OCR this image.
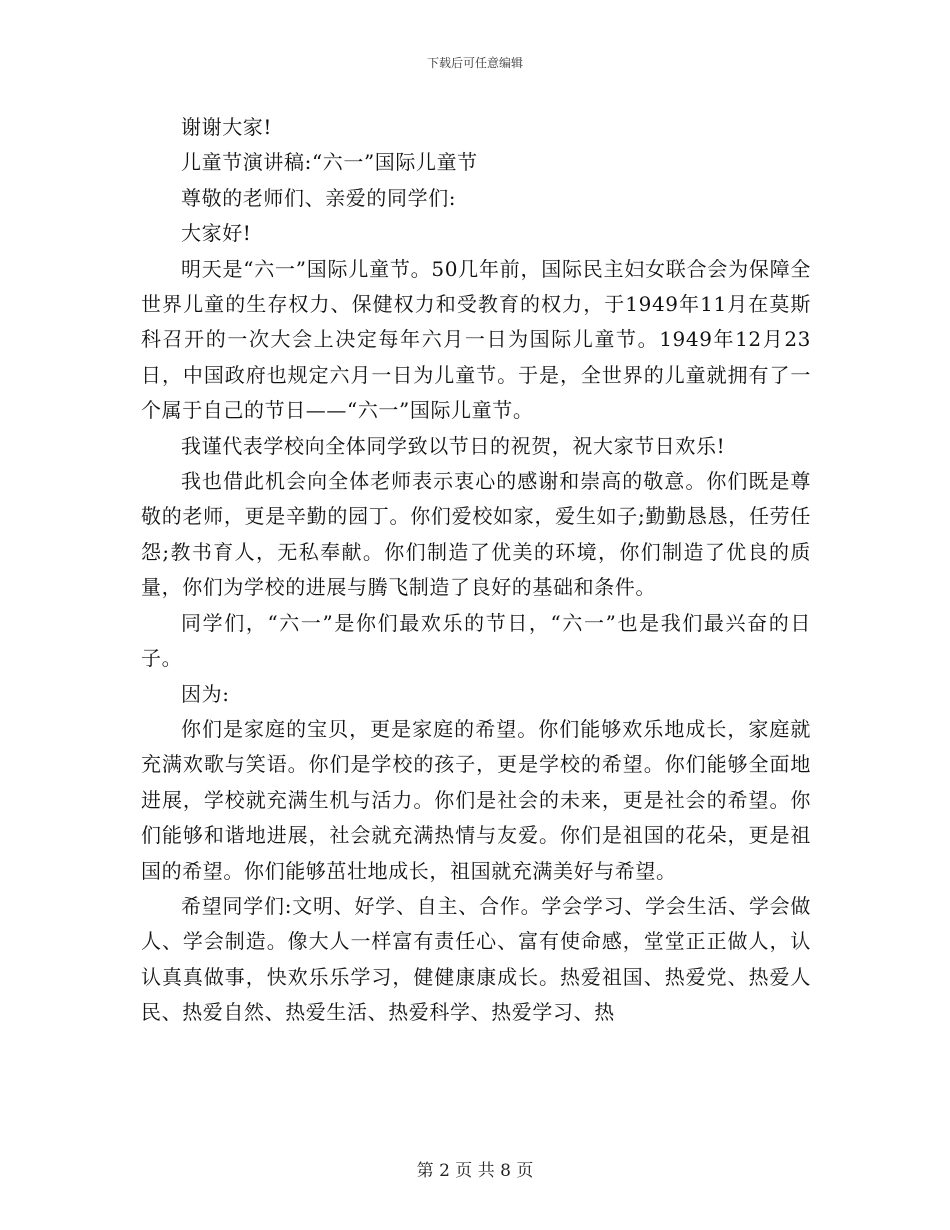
下载后可任意编辑

谢谢大家!

儿童节演讲稿:“六一”国际儿童节

尊敬的老师们、亲爱的同学们:

大家好!

明天是“六一”国际儿童节。50几年前，国际民主妇女联合会为保障全世界儿童的生存权力、保健权力和受教育的权力，于1949年11月在莫斯科召开的一次大会上决定每年六月一日为国际儿童节。1949年12月23日，中国政府也规定六月一日为儿童节。于是，全世界的儿童就拥有了一个属于自己的节日——“六一”国际儿童节。

我谨代表学校向全体同学致以节日的祝贺，祝大家节日欢乐!

我也借此机会向全体老师表示衷心的感谢和崇高的敬意。你们既是尊敬的老师，更是辛勤的园丁。你们爱校如家，爱生如子;勤勤恳恳，任劳任怨;教书育人，无私奉献。你们制造了优美的环境，你们制造了优良的质量，你们为学校的进展与腾飞制造了良好的基础和条件。

同学们，“六一”是你们最欢乐的节日，“六一”也是我们最兴奋的日子。

因为:

你们是家庭的宝贝，更是家庭的希望。你们能够欢乐地成长，家庭就充满欢歌与笑语。你们是学校的孩子，更是学校的希望。你们能够全面地进展，学校就充满生机与活力。你们是社会的未来，更是社会的希望。你们能够和谐地进展，社会就充满热情与友爱。你们是祖国的花朵，更是祖国的希望。你们能够茁壮地成长，祖国就充满美好与希望。

希望同学们:文明、好学、自主、合作。学会学习、学会生活、学会做人、学会制造。像大人一样富有责任心、富有使命感，堂堂正正做人，认认真真做事，快欢乐乐学习，健健康康成长。热爱祖国、热爱党、热爱人民、热爱自然、热爱生活、热爱科学、热爱学习、热

第 2 页 共 8 页
